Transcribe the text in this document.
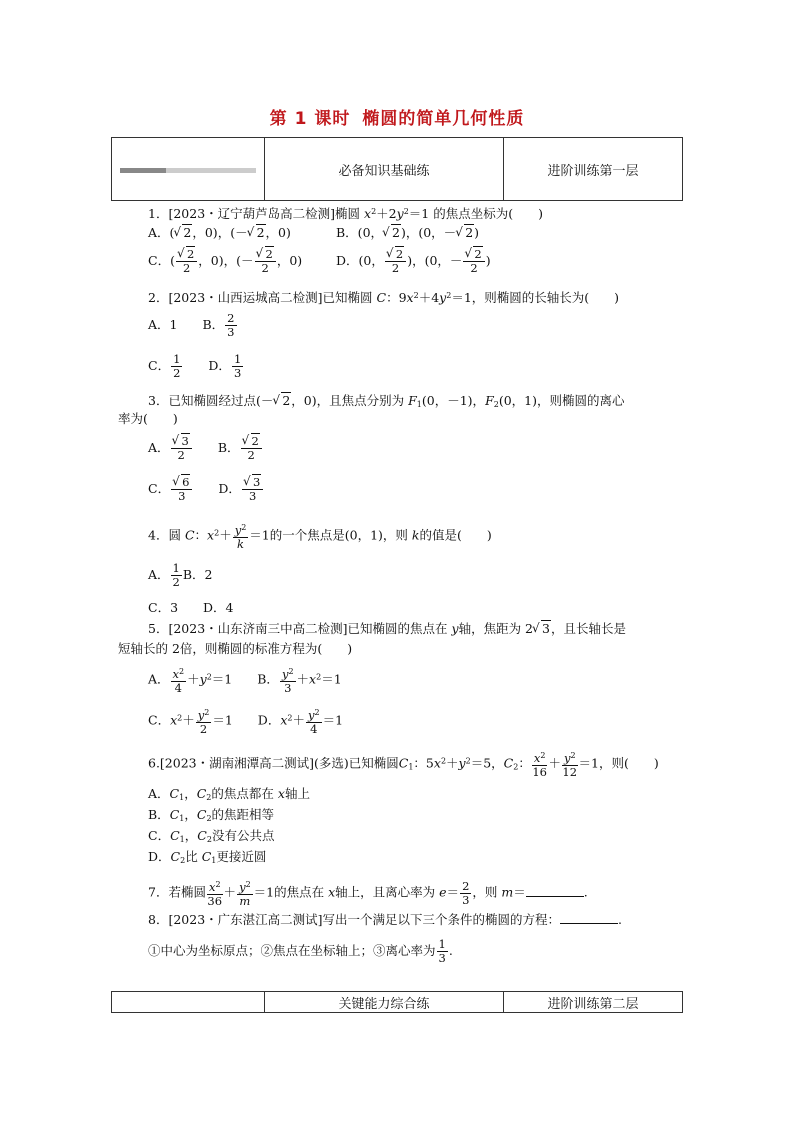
第 1 课时 椭圆的简单几何性质
	必备知识基础练	进阶训练第一层
1．[2023・辽宁葫芦岛高二检测]椭圆 $x^2+2y^2=1$ 的焦点坐标为(　　)
A．( √ 2，0)，(－ √ 2，0)	B．(0， √ 2)，(0，－ √ 2)
C．( √ $\frac{2}{2}$ ，0)，(－ √ $\frac{2}{2}$ ，0)	D．(0， √ $\frac{2}{2}$ )，(0，－ √ $\frac{2}{2}$ )
2．[2023・山西运城高二检测]已知椭圆 C：$9x^2+4y^2=1$，则椭圆的长轴长为(　　)
A．1　　B． $\frac{2}{3}$
C． $\frac{1}{2}$ 　　D． $\frac{1}{3}$
3．已知椭圆经过点(－ √ 2，0)，且焦点分别为 $F_1(0$，－1)，$F_2(0$，1)，则椭圆的离心
率为(　　)
A． √ $\frac{3}{2}$ 　　B． √ $\frac{2}{2}$
C． √ $\frac{6}{3}$ 　　D． √ $\frac{3}{3}$
4．圆 C：$x^2+ \frac{y^2}{k} =1$的一个焦点是(0，1)，则 k的值是(　　)
A． $\frac{1}{2}$ B．2
C．3　　D．4
5．[2023・山东济南三中高二检测]已知椭圆的焦点在 y轴，焦距为 2 √ 3，且长轴长是
短轴长的 2倍，则椭圆的标准方程为(　　)
A． $\frac{x^2}{4} +y^2=1$　　B． $\frac{y^2}{3} +x^2=1$
C．$x^2+ \frac{y^2}{2} =1$　　D．$x^2+ \frac{y^2}{4} =1$
6.[2023・湖南湘潭高二测试](多选)已知椭圆$C_1$：$5x^2+y^2=5$，$C_2$： $\frac{x^2}{16} + \frac{y^2}{12} =1$，则(　　)
A．$C_1$，$C_2$的焦点都在 x轴上
B．$C_1$，$C_2$的焦距相等
C．$C_1$，$C_2$没有公共点
D．$C_2$比 $C_1$更接近圆
7．若椭圆 $\frac{x^2}{36} + \frac{y^2}{m} =1$的焦点在 x轴上，且离心率为 $e= \frac{2}{3}$ ，则 m＝	.
8．[2023・广东湛江高二测试]写出一个满足以下三个条件的椭圆的方程：	.
①中心为坐标原点；②焦点在坐标轴上；③离心率为 $\frac{1}{3}$ .
	关键能力综合练	进阶训练第二层
